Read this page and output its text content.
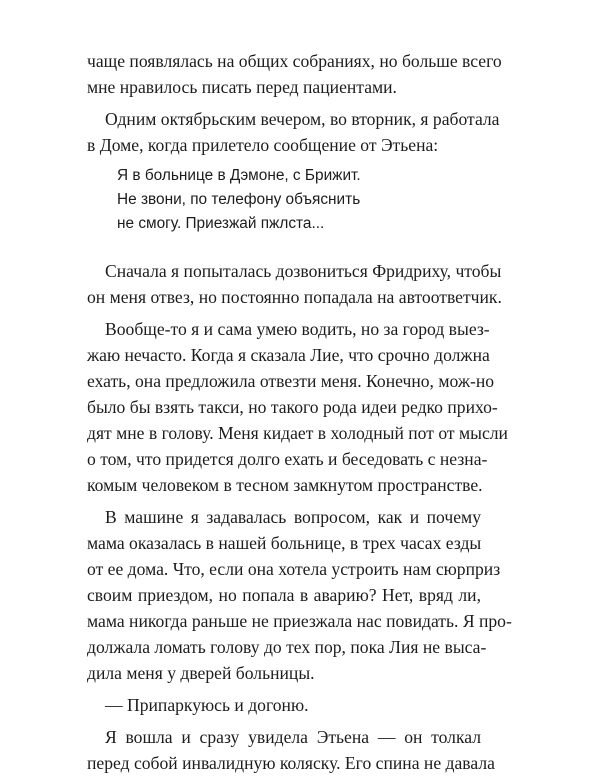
чаще появлялась на общих собраниях, но больше всего
мне нравилось писать перед пациентами.
Одним октябрьским вечером, во вторник, я работала
в Доме, когда прилетело сообщение от Этьена:
Я в больнице в Дэмоне, с Брижит.
Не звони, по телефону объяснить
не смогу. Приезжай пжлста...
Сначала я попыталась дозвониться Фридриху, чтобы
он меня отвез, но постоянно попадала на автоответчик.
Вообще-то я и сама умею водить, но за город выез-
жаю нечасто. Когда я сказала Лие, что срочно должна
ехать, она предложила отвезти меня. Конечно, мож-но
было бы взять такси, но такого рода идеи редко прихо-
дят мне в голову. Меня кидает в холодный пот от мысли
о том, что придется долго ехать и беседовать с незна-
комым человеком в тесном замкнутом пространстве.
В машине я задавалась вопросом, как и почему
мама оказалась в нашей больнице, в трех часах езды
от ее дома. Что, если она хотела устроить нам сюрприз
своим приездом, но попала в аварию? Нет, вряд ли,
мама никогда раньше не приезжала нас повидать. Я про-
должала ломать голову до тех пор, пока Лия не выса-
дила меня у дверей больницы.
— Припаркуюсь и догоню.
Я вошла и сразу увидела Этьена — он толкал
перед собой инвалидную коляску. Его спина не давала
